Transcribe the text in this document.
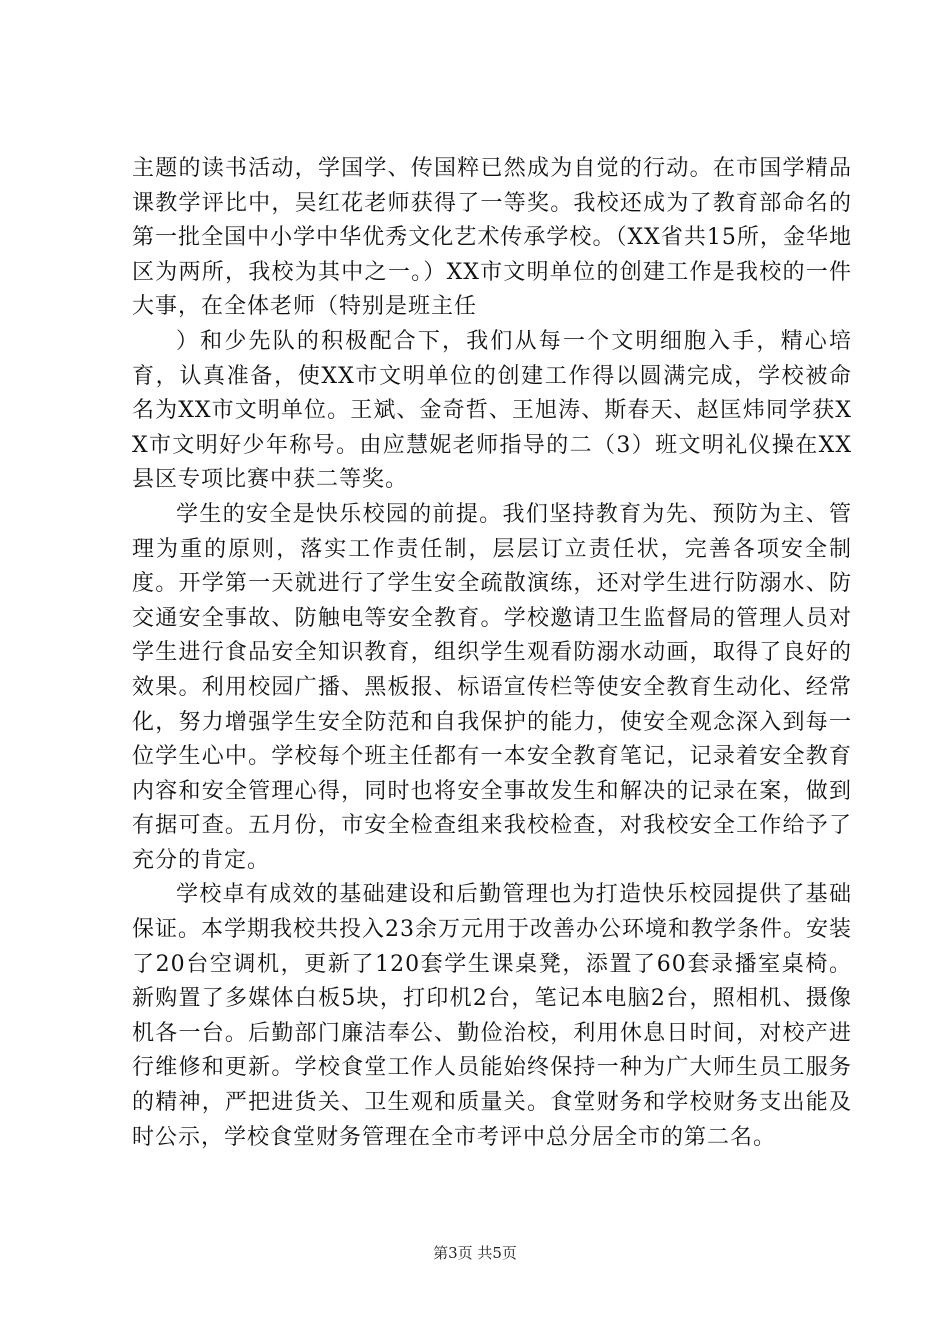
主题的读书活动，学国学、传国粹已然成为自觉的行动。在市国学精品课教学评比中，吴红花老师获得了一等奖。我校还成为了教育部命名的第一批全国中小学中华优秀文化艺术传承学校。（XX省共15所，金华地区为两所，我校为其中之一。）XX市文明单位的创建工作是我校的一件大事，在全体老师（特别是班主任

）和少先队的积极配合下，我们从每一个文明细胞入手，精心培育，认真准备，使XX市文明单位的创建工作得以圆满完成，学校被命名为XX市文明单位。王斌、金奇哲、王旭涛、斯春天、赵匡炜同学获XX市文明好少年称号。由应慧妮老师指导的二（3）班文明礼仪操在XX县区专项比赛中获二等奖。

学生的安全是快乐校园的前提。我们坚持教育为先、预防为主、管理为重的原则，落实工作责任制，层层订立责任状，完善各项安全制度。开学第一天就进行了学生安全疏散演练，还对学生进行防溺水、防交通安全事故、防触电等安全教育。学校邀请卫生监督局的管理人员对学生进行食品安全知识教育，组织学生观看防溺水动画，取得了良好的效果。利用校园广播、黑板报、标语宣传栏等使安全教育生动化、经常化，努力增强学生安全防范和自我保护的能力，使安全观念深入到每一位学生心中。学校每个班主任都有一本安全教育笔记，记录着安全教育内容和安全管理心得，同时也将安全事故发生和解决的记录在案，做到有据可查。五月份，市安全检查组来我校检查，对我校安全工作给予了充分的肯定。

学校卓有成效的基础建设和后勤管理也为打造快乐校园提供了基础保证。本学期我校共投入23余万元用于改善办公环境和教学条件。安装了20台空调机，更新了120套学生课桌凳，添置了60套录播室桌椅。新购置了多媒体白板5块，打印机2台，笔记本电脑2台，照相机、摄像机各一台。后勤部门廉洁奉公、勤俭治校，利用休息日时间，对校产进行维修和更新。学校食堂工作人员能始终保持一种为广大师生员工服务的精神，严把进货关、卫生观和质量关。食堂财务和学校财务支出能及时公示，学校食堂财务管理在全市考评中总分居全市的第二名。

第3页 共5页
